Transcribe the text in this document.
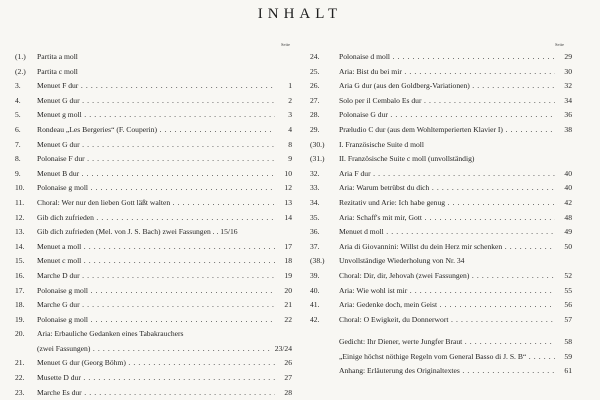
INHALT
Seite	Seite
(1.)	Partita a moll
(2.)	Partita c moll
3.	Menuet F dur . . .	1
4.	Menuet G dur . . .	2
5.	Menuet g moll . . .	3
6.	Rondeau „Les Bergeries“ (F. Couperin) . . .	4
7.	Menuet G dur . . .	8
8.	Polonaise F dur . . .	9
9.	Menuet B dur . . .	10
10.	Polonaise g moll . . .	12
11.	Choral: Wer nur den lieben Gott läßt walten . . .	13
12.	Gib dich zufrieden . . .	14
13.	Gib dich zufrieden (Mel. von J. S. Bach) zwei Fassungen . . 15/16
14.	Menuet a moll . . .	17
15.	Menuet c moll . . .	18
16.	Marche D dur . . .	19
17.	Polonaise g moll . . .	20
18.	Marche G dur . . .	21
19.	Polonaise g moll . . .	22
20.	Aria: Erbauliche Gedanken eines Tabakrauchers
(zwei Fassungen) . . .	23/24
21.	Menuet G dur (Georg Böhm) . . .	26
22.	Musette D dur . . .	27
23.	Marche Es dur . . .	28
24.	Polonaise d moll . . .	29
25.	Aria: Bist du bei mir . . .	30
26.	Aria G dur (aus den Goldberg-Variationen) . . .	32
27.	Solo per il Cembalo Es dur . . .	34
28.	Polonaise G dur . . .	36
29.	Præludio C dur (aus dem Wohltemperierten Klavier I) . . .	38
(30.)	I. Französische Suite d moll
(31.)	II. Französische Suite c moll (unvollständig)
32.	Aria F dur . . .	40
33.	Aria: Warum betrübst du dich . . .	40
34.	Rezitativ und Arie: Ich habe genug . . .	42
35.	Aria: Schaff's mit mir, Gott . . .	48
36.	Menuet d moll . . .	49
37.	Aria di Giovannini: Willst du dein Herz mir schenken . . .	50
(38.)	Unvollständige Wiederholung von Nr. 34
39.	Choral: Dir, dir, Jehovah (zwei Fassungen) . . .	52
40.	Aria: Wie wohl ist mir . . .	55
41.	Aria: Gedenke doch, mein Geist . . .	56
42.	Choral: O Ewigkeit, du Donnerwort . . .	57
Gedicht: Ihr Diener, werte Jungfer Braut . . .	58
„Einige höchst nöthige Regeln vom General Basso di J. S. B“ . . .	59
Anhang: Erläuterung des Originaltextes . . .	61
